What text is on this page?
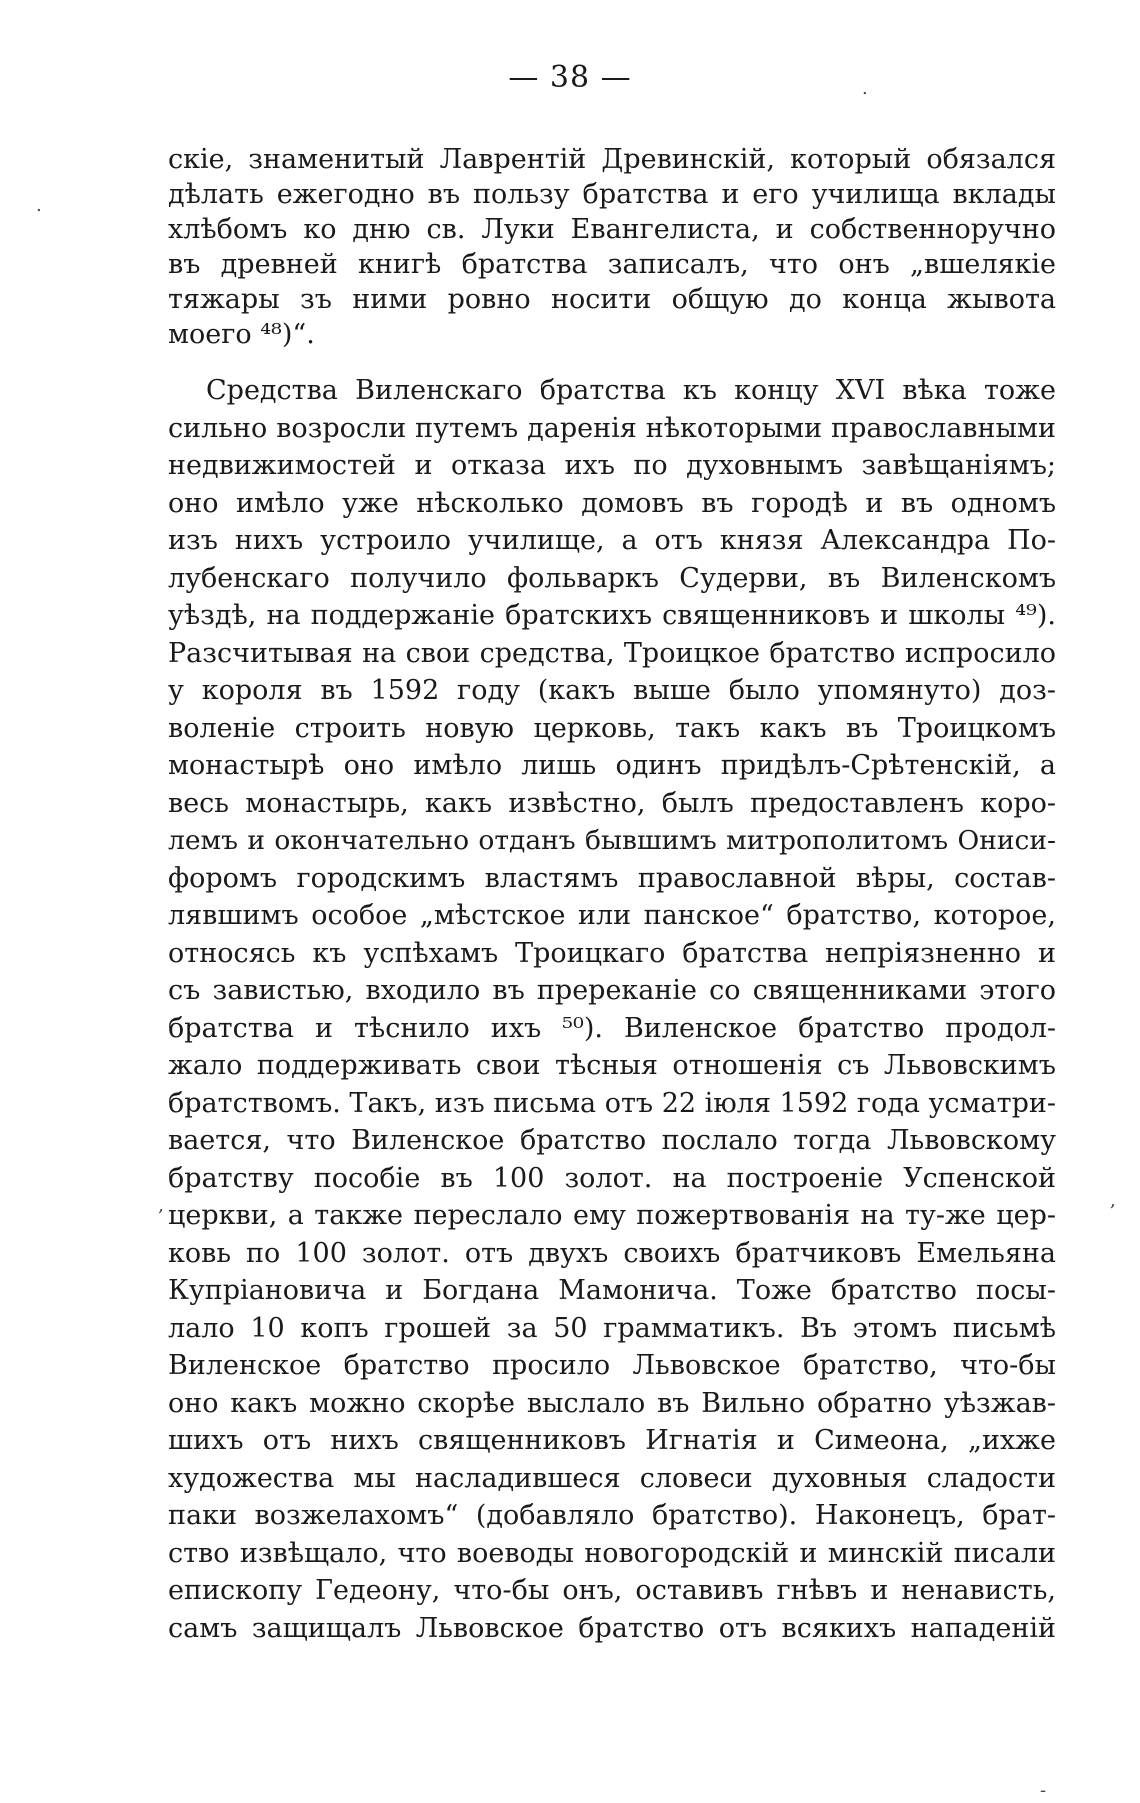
— 38 —	.
.
‚	,
-
скіе, знаменитый Лаврентій Древинскій, который обязался
дѣлать ежегодно въ пользу братства и его училища вклады
хлѣбомъ ко дню св. Луки Евангелиста, и собственноручно
въ древней книгѣ братства записалъ, что онъ „вшелякіе
тяжары зъ ними ровно носити общую до конца жывота
моего ⁴⁸)“.
Средства Виленскаго братства къ концу XVI вѣка тоже
сильно возросли путемъ даренія нѣкоторыми православными
недвижимостей и отказа ихъ по духовнымъ завѣщаніямъ;
оно имѣло уже нѣсколько домовъ въ городѣ и въ одномъ
изъ нихъ устроило училище, а отъ князя Александра По-
лубенскаго получило фольваркъ Судерви, въ Виленскомъ
уѣздѣ, на поддержаніе братскихъ священниковъ и школы ⁴⁹).
Разсчитывая на свои средства, Троицкое братство испросило
у короля въ 1592 году (какъ выше было упомянуто) доз-
воленіе строить новую церковь, такъ какъ въ Троицкомъ
монастырѣ оно имѣло лишь одинъ придѣлъ-Срѣтенскій, а
весь монастырь, какъ извѣстно, былъ предоставленъ коро-
лемъ и окончательно отданъ бывшимъ митрополитомъ Ониси-
форомъ городскимъ властямъ православной вѣры, состав-
лявшимъ особое „мѣстское или панское“ братство, которое,
относясь къ успѣхамъ Троицкаго братства непріязненно и
съ завистью, входило въ пререканіе со священниками этого
братства и тѣснило ихъ ⁵⁰). Виленское братство продол-
жало поддерживать свои тѣсныя отношенія съ Львовскимъ
братствомъ. Такъ, изъ письма отъ 22 іюля 1592 года усматри-
вается, что Виленское братство послало тогда Львовскому
братству пособіе въ 100 золот. на построеніе Успенской
церкви, а также переслало ему пожертвованія на ту-же цер-
ковь по 100 золот. отъ двухъ своихъ братчиковъ Емельяна
Купріановича и Богдана Мамонича. Тоже братство посы-
лало 10 копъ грошей за 50 грамматикъ. Въ этомъ письмѣ
Виленское братство просило Львовское братство, что-бы
оно какъ можно скорѣе выслало въ Вильно обратно уѣзжав-
шихъ отъ нихъ священниковъ Игнатія и Симеона, „ихже
художества мы насладившеся словеси духовныя сладости
паки возжелахомъ“ (добавляло братство). Наконецъ, брат-
ство извѣщало, что воеводы новогородскій и минскій писали
епископу Гедеону, что-бы онъ, оставивъ гнѣвъ и ненависть,
самъ защищалъ Львовское братство отъ всякихъ нападеній
